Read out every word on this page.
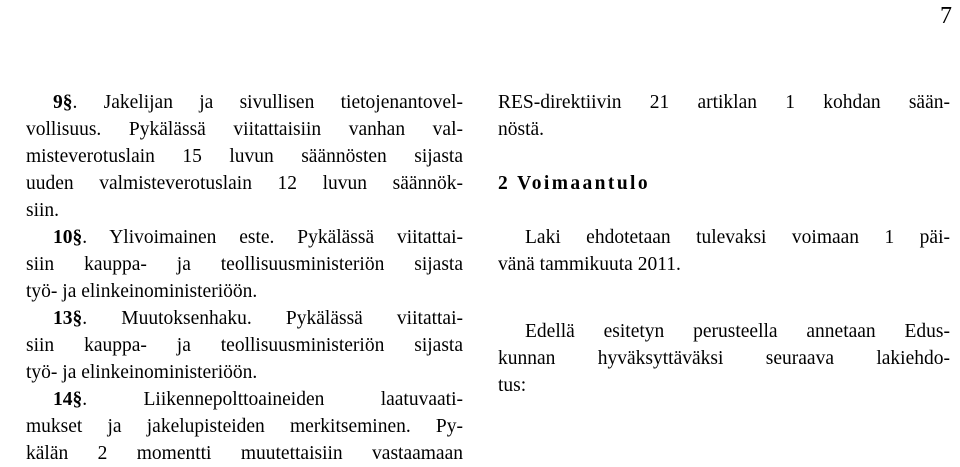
7
9§. Jakelijan ja sivullisen tietojenantovel-
vollisuus. Pykälässä viitattaisiin vanhan val-
misteverotuslain 15 luvun säännösten sijasta
uuden valmisteverotuslain 12 luvun säännök-
siin.
10§. Ylivoimainen este. Pykälässä viitattai-
siin kauppa- ja teollisuusministeriön sijasta
työ- ja elinkeinoministeriöön.
13§. Muutoksenhaku. Pykälässä viitattai-
siin kauppa- ja teollisuusministeriön sijasta
työ- ja elinkeinoministeriöön.
14§. Liikennepolttoaineiden laatuvaati-
mukset ja jakelupisteiden merkitseminen. Py-
kälän 2 momentti muutettaisiin vastaamaan
RES-direktiivin 21 artiklan 1 kohdan sään-
nöstä.
2 Voimaantulo
Laki ehdotetaan tulevaksi voimaan 1 päi-
vänä tammikuuta 2011.
Edellä esitetyn perusteella annetaan Edus-
kunnan hyväksyttäväksi seuraava lakiehdo-
tus:
